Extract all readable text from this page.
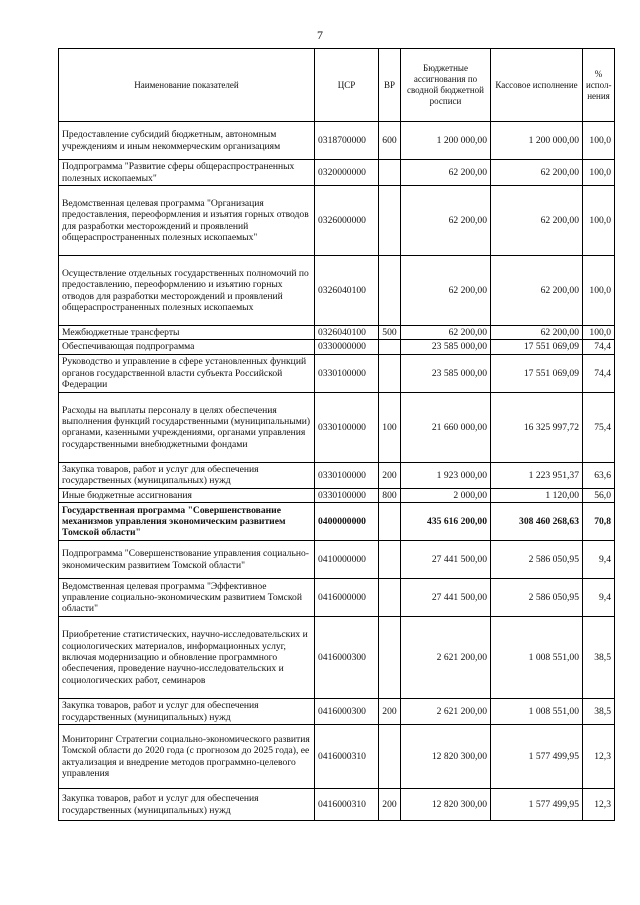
7
Наименование показателей	ЦСР	ВР	Бюджетные ассигнования по сводной бюджетной росписи	Кассовое исполнение	% испол-нения
Предоставление субсидий бюджетным, автономным учреждениям и иным некоммерческим организациям	0318700000	600	1 200 000,00	1 200 000,00	100,0
Подпрограмма "Развитие сферы общераспространенных полезных ископаемых"	0320000000		62 200,00	62 200,00	100,0
Ведомственная целевая программа "Организация предоставления, переоформления и изъятия горных отводов для разработки месторождений и проявлений общераспространенных полезных ископаемых"	0326000000		62 200,00	62 200,00	100,0
Осуществление отдельных государственных полномочий по предоставлению, переоформлению и изъятию горных отводов для разработки месторождений и проявлений общераспространенных полезных ископаемых	0326040100		62 200,00	62 200,00	100,0
Межбюджетные трансферты	0326040100	500	62 200,00	62 200,00	100,0
Обеспечивающая подпрограмма	0330000000		23 585 000,00	17 551 069,09	74,4
Руководство и управление в сфере установленных функций органов государственной власти субъекта Российской Федерации	0330100000		23 585 000,00	17 551 069,09	74,4
Расходы на выплаты персоналу в целях обеспечения выполнения функций государственными (муниципальными) органами, казенными учреждениями, органами управления государственными внебюджетными фондами	0330100000	100	21 660 000,00	16 325 997,72	75,4
Закупка товаров, работ и услуг для обеспечения государственных (муниципальных) нужд	0330100000	200	1 923 000,00	1 223 951,37	63,6
Иные бюджетные ассигнования	0330100000	800	2 000,00	1 120,00	56,0
Государственная программа "Совершенствование механизмов управления экономическим развитием Томской области"	0400000000		435 616 200,00	308 460 268,63	70,8
Подпрограмма "Совершенствование управления социально-экономическим развитием Томской области"	0410000000		27 441 500,00	2 586 050,95	9,4
Ведомственная целевая программа "Эффективное управление социально-экономическим развитием Томской области"	0416000000		27 441 500,00	2 586 050,95	9,4
Приобретение статистических, научно-исследовательских и социологических материалов, информационных услуг, включая модернизацию и обновление программного обеспечения, проведение научно-исследовательских и социологических работ, семинаров	0416000300		2 621 200,00	1 008 551,00	38,5
Закупка товаров, работ и услуг для обеспечения государственных (муниципальных) нужд	0416000300	200	2 621 200,00	1 008 551,00	38,5
Мониторинг Стратегии социально-экономического развития Томской области до 2020 года (с прогнозом до 2025 года), ее актуализация и внедрение методов программно-целевого управления	0416000310		12 820 300,00	1 577 499,95	12,3
Закупка товаров, работ и услуг для обеспечения государственных (муниципальных) нужд	0416000310	200	12 820 300,00	1 577 499,95	12,3
